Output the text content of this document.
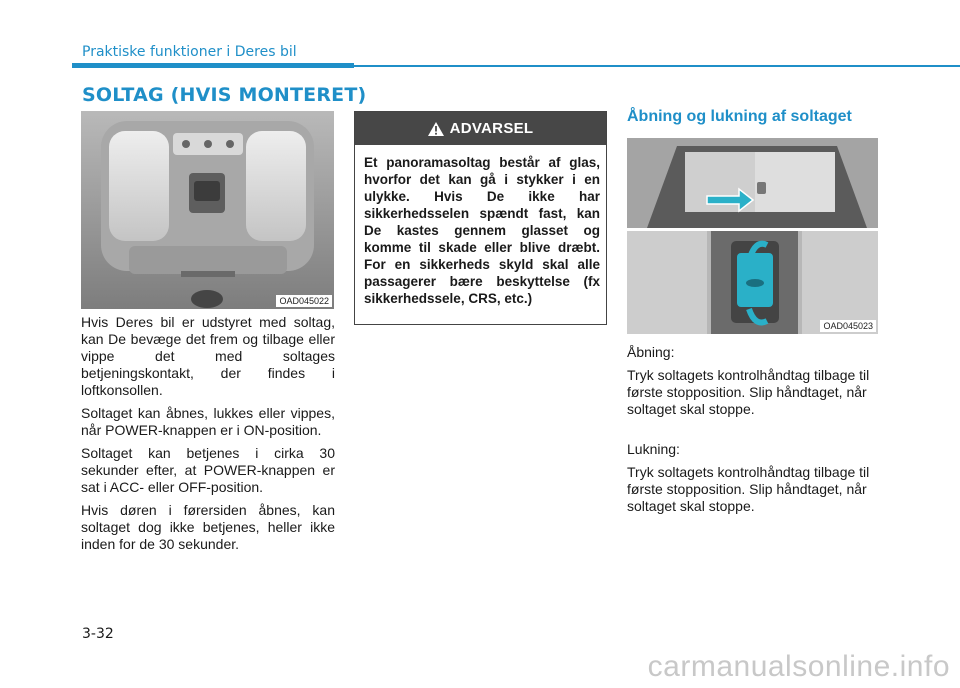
Praktiske funktioner i Deres bil
SOLTAG (HVIS MONTERET)
OAD045022

Hvis Deres bil er udstyret med soltag, kan De bevæge det frem og tilbage eller vippe det med soltages betjeningskontakt, der findes i loftkonsollen.

Soltaget kan åbnes, lukkes eller vippes, når POWER-knappen er i ON-position.

Soltaget kan betjenes i cirka 30 sekunder efter, at POWER-knappen er sat i ACC- eller OFF-position.

Hvis døren i førersiden åbnes, kan soltaget dog ikke betjenes, heller ikke inden for de 30 sekunder.

ADVARSEL
Et panoramasoltag består af glas, hvorfor det kan gå i stykker i en ulykke. Hvis De ikke har sikkerhedsselen spændt fast, kan De kastes gennem glasset og komme til skade eller blive dræbt. For en sikkerheds skyld skal alle passagerer bære beskyttelse (fx sikkerhedssele, CRS, etc.)
Åbning og lukning af soltaget
OAD045023

Åbning:

Tryk soltagets kontrolhåndtag tilbage til første stopposition. Slip håndtaget, når soltaget skal stoppe.

Lukning:

Tryk soltagets kontrolhåndtag tilbage til første stopposition. Slip håndtaget, når soltaget skal stoppe.

3-32
carmanualsonline.info
